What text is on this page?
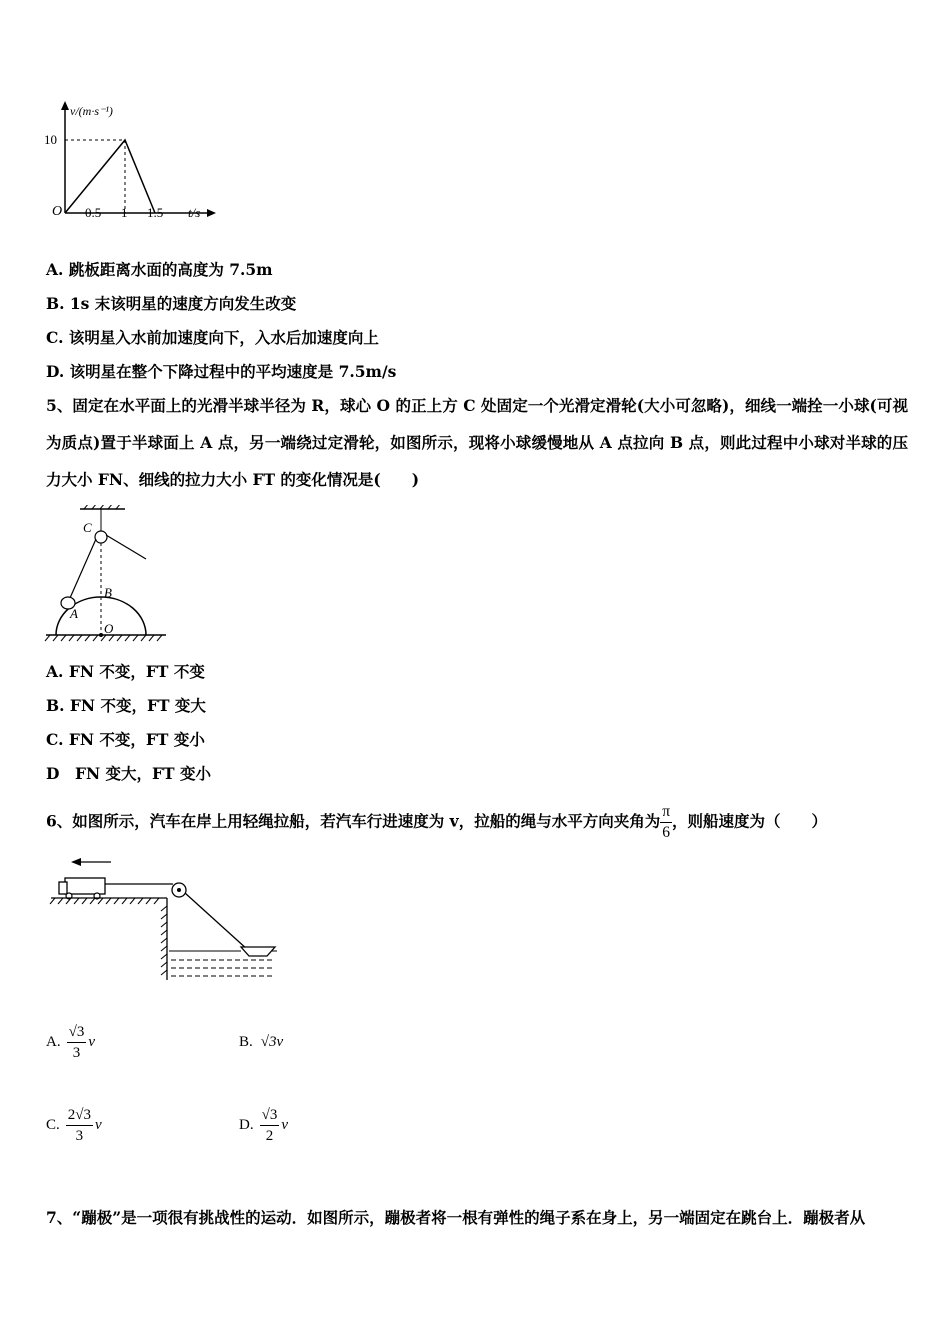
v/(m·s⁻¹)
10
O 0.5 1 1.5 t/s
A. 跳板距离水面的高度为 7.5m
B. 1s 末该明星的速度方向发生改变
C. 该明星入水前加速度向下，入水后加速度向上
D. 该明星在整个下降过程中的平均速度是 7.5m/s
5、固定在水平面上的光滑半球半径为 R，球心 O 的正上方 C 处固定一个光滑定滑轮(大小可忽略)，细线一端拴一小球(可视为质点)置于半球面上 A 点，另一端绕过定滑轮，如图所示，现将小球缓慢地从 A 点拉向 B 点，则此过程中小球对半球的压力大小 FN、细线的拉力大小 FT 的变化情况是(　　)
C
B
A
O
A. FN 不变，FT 不变
B. FN 不变，FT 变大
C. FN 不变，FT 变小
D　FN 变大，FT 变小
6、如图所示，汽车在岸上用轻绳拉船，若汽车行进速度为 v，拉船的绳与水平方向夹角为 $\frac{\pi}{6}$ ，则船速度为（　　）
A. $\frac{√3}{3}$ v	B. √3v
C. $\frac{2√3}{3}$ v	D. $\frac{√3}{2}$ v
7、“蹦极”是一项很有挑战性的运动．如图所示，蹦极者将一根有弹性的绳子系在身上，另一端固定在跳台上．蹦极者从
